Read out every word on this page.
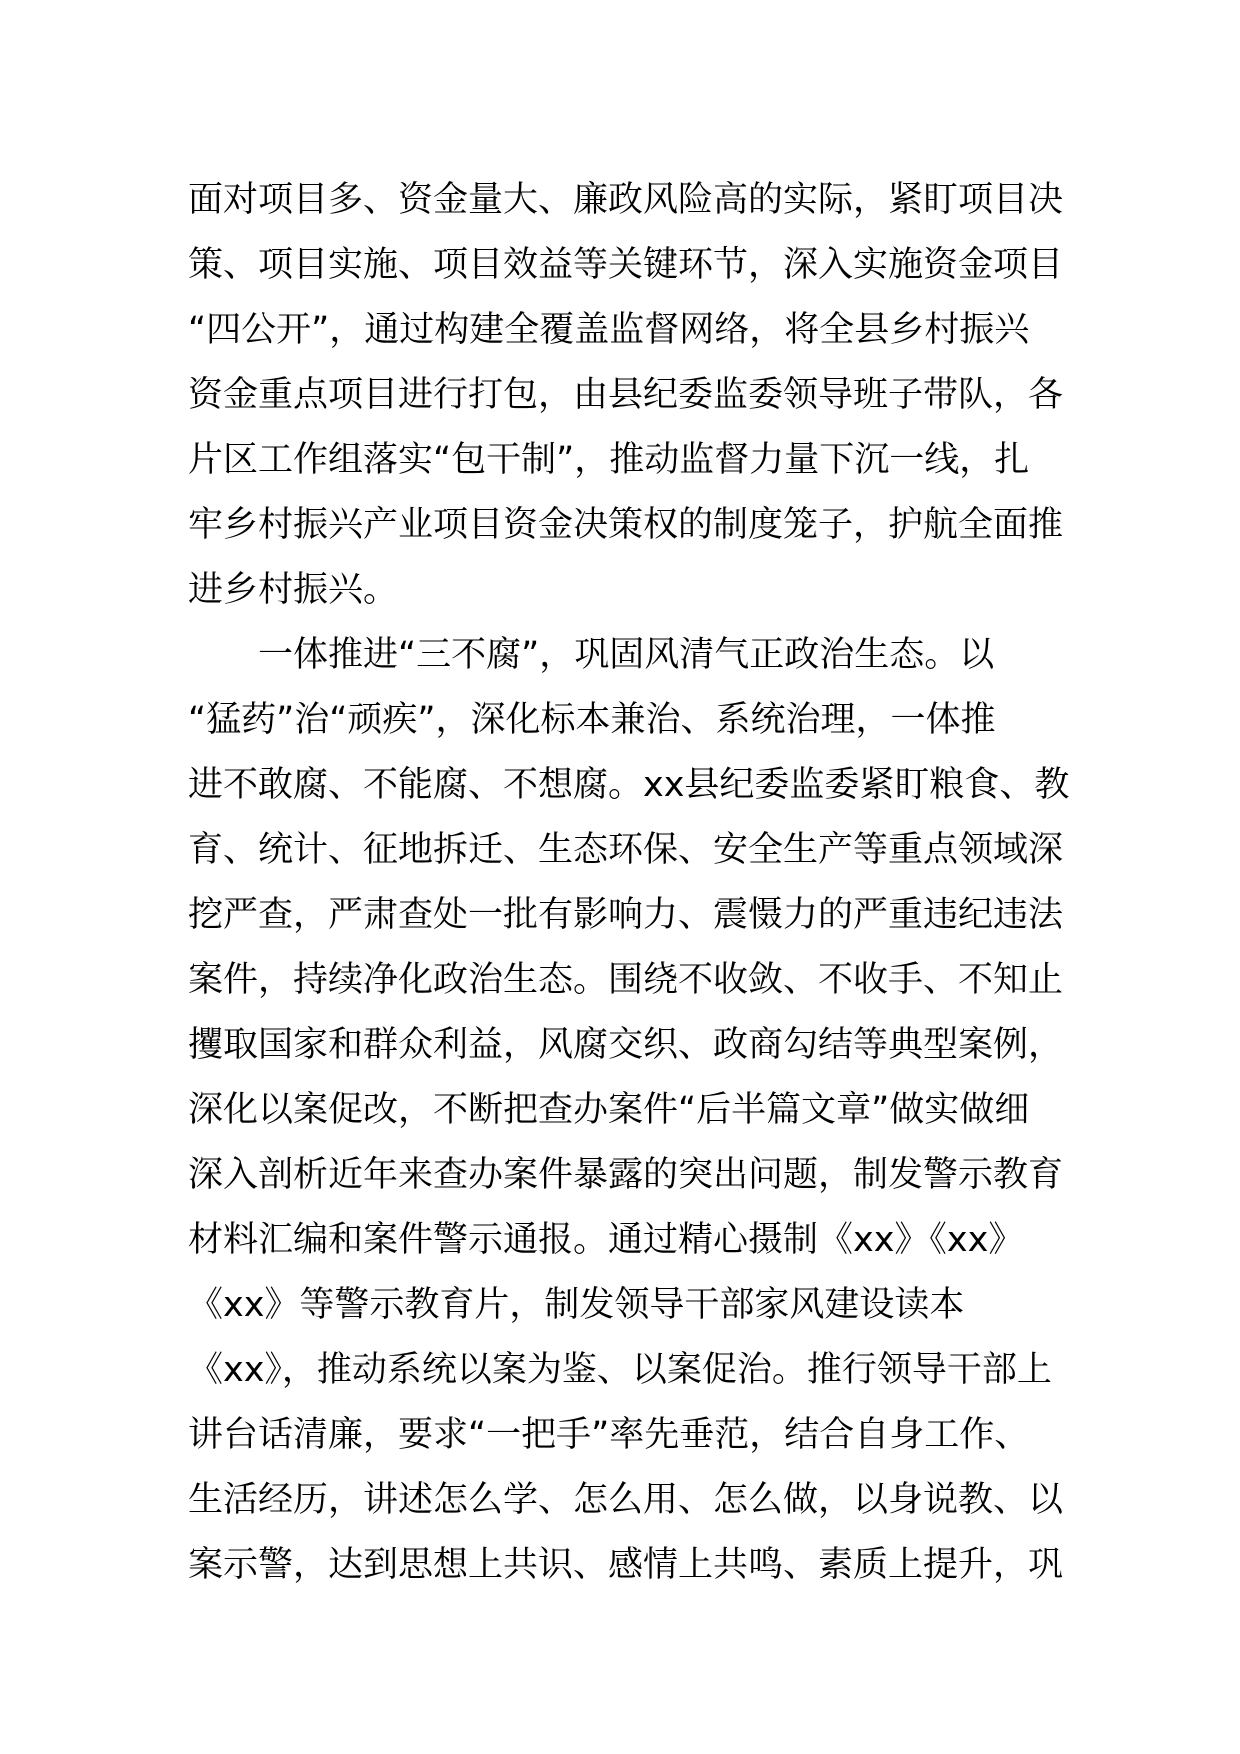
面对项目多、资金量大、廉政风险高的实际，紧盯项目决
策、项目实施、项目效益等关键环节，深入实施资金项目
“四公开”，通过构建全覆盖监督网络，将全县乡村振兴
资金重点项目进行打包，由县纪委监委领导班子带队，各
片区工作组落实“包干制”，推动监督力量下沉一线，扎
牢乡村振兴产业项目资金决策权的制度笼子，护航全面推
进乡村振兴。
一体推进“三不腐”，巩固风清气正政治生态。以
“猛药”治“顽疾”，深化标本兼治、系统治理，一体推
进不敢腐、不能腐、不想腐。xx县纪委监委紧盯粮食、教
育、统计、征地拆迁、生态环保、安全生产等重点领域深
挖严查，严肃查处一批有影响力、震慑力的严重违纪违法
案件，持续净化政治生态。围绕不收敛、不收手、不知止
攫取国家和群众利益，风腐交织、政商勾结等典型案例，
深化以案促改，不断把查办案件“后半篇文章”做实做细
深入剖析近年来查办案件暴露的突出问题，制发警示教育
材料汇编和案件警示通报。通过精心摄制《xx》《xx》
《xx》等警示教育片，制发领导干部家风建设读本
《xx》，推动系统以案为鉴、以案促治。推行领导干部上
讲台话清廉，要求“一把手”率先垂范，结合自身工作、
生活经历，讲述怎么学、怎么用、怎么做，以身说教、以
案示警，达到思想上共识、感情上共鸣、素质上提升，巩
